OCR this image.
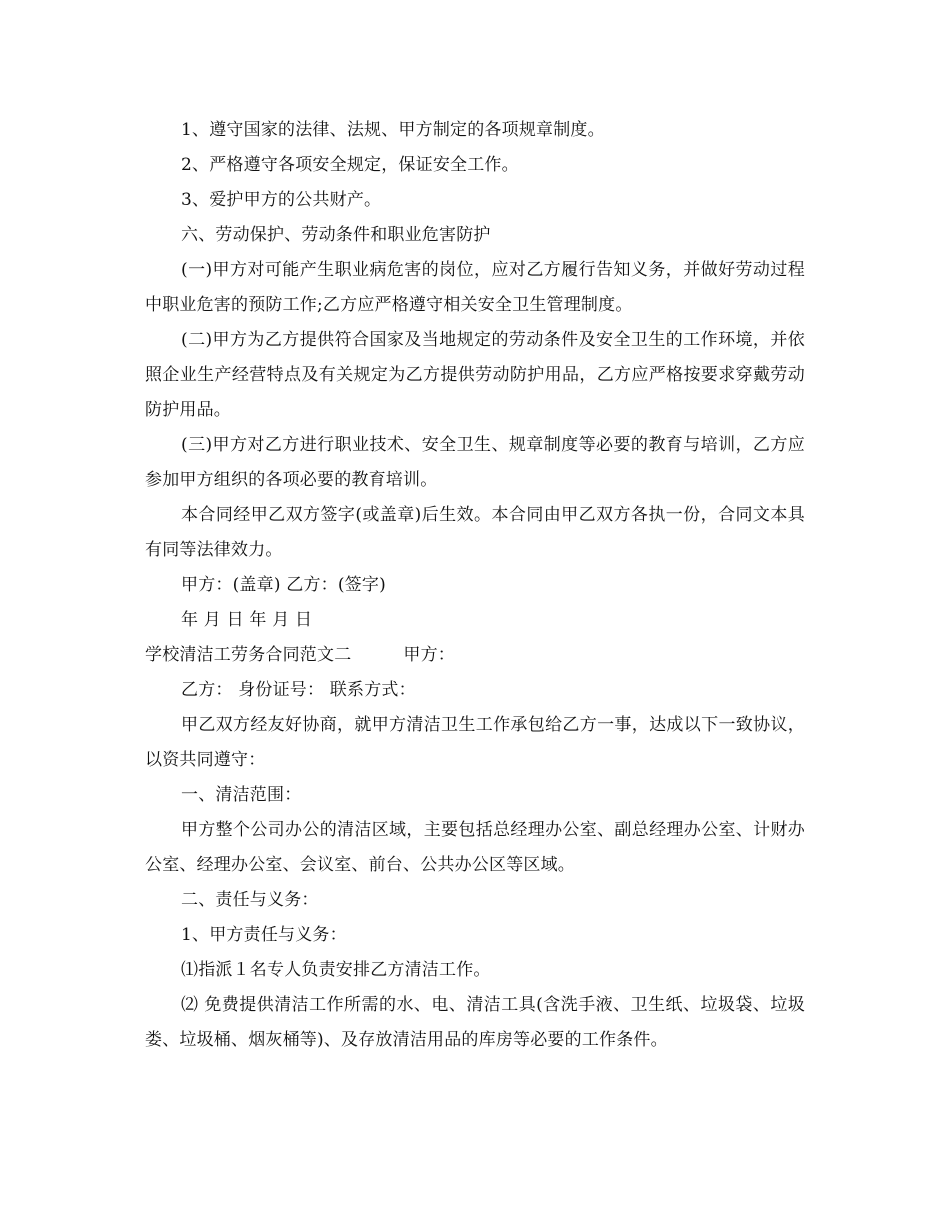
1、遵守国家的法律、法规、甲方制定的各项规章制度。

2、严格遵守各项安全规定，保证安全工作。

3、爱护甲方的公共财产。

六、劳动保护、劳动条件和职业危害防护

(一)甲方对可能产生职业病危害的岗位，应对乙方履行告知义务，并做好劳动过程中职业危害的预防工作;乙方应严格遵守相关安全卫生管理制度。

(二)甲方为乙方提供符合国家及当地规定的劳动条件及安全卫生的工作环境，并依照企业生产经营特点及有关规定为乙方提供劳动防护用品，乙方应严格按要求穿戴劳动防护用品。

(三)甲方对乙方进行职业技术、安全卫生、规章制度等必要的教育与培训，乙方应参加甲方组织的各项必要的教育培训。

本合同经甲乙双方签字(或盖章)后生效。本合同由甲乙双方各执一份，合同文本具有同等法律效力。

甲方：(盖章) 乙方：(签字)

年 月 日 年 月 日

学校清洁工劳务合同范文二	甲方：

乙方： 身份证号： 联系方式：

甲乙双方经友好协商，就甲方清洁卫生工作承包给乙方一事，达成以下一致协议，以资共同遵守：

一、清洁范围：

甲方整个公司办公的清洁区域，主要包括总经理办公室、副总经理办公室、计财办公室、经理办公室、会议室、前台、公共办公区等区域。

二、责任与义务：

1、甲方责任与义务：

⑴指派１名专人负责安排乙方清洁工作。

⑵ 免费提供清洁工作所需的水、电、清洁工具(含洗手液、卫生纸、垃圾袋、垃圾娄、垃圾桶、烟灰桶等)、及存放清洁用品的库房等必要的工作条件。
